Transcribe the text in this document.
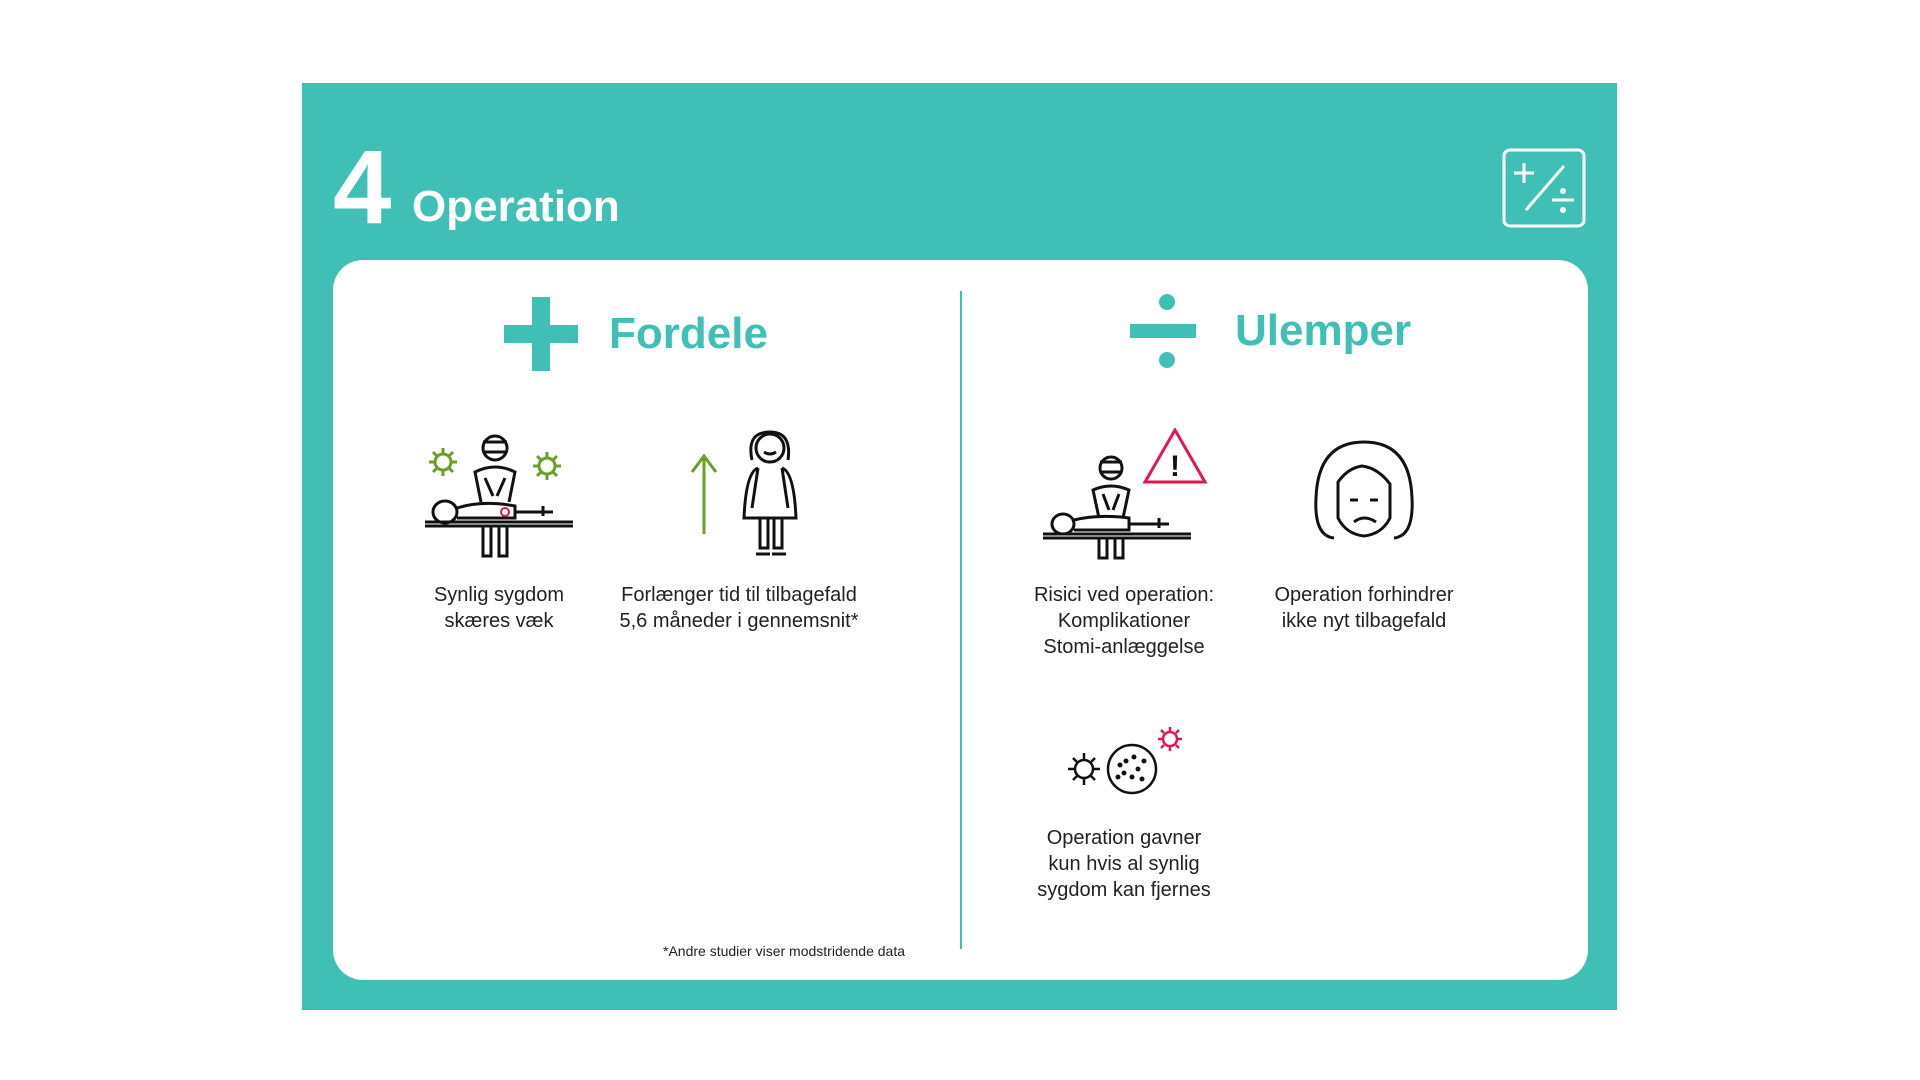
4 Operation
Fordele	Ulemper
Synlig sygdom
skæres væk
Forlænger tid til tilbagefald
5,6 måneder i gennemsnit*
!
Risici ved operation:
Komplikationer
Stomi-anlæggelse
Operation forhindrer
ikke nyt tilbagefald
Operation gavner
kun hvis al synlig
sygdom kan fjernes
*Andre studier viser modstridende data
